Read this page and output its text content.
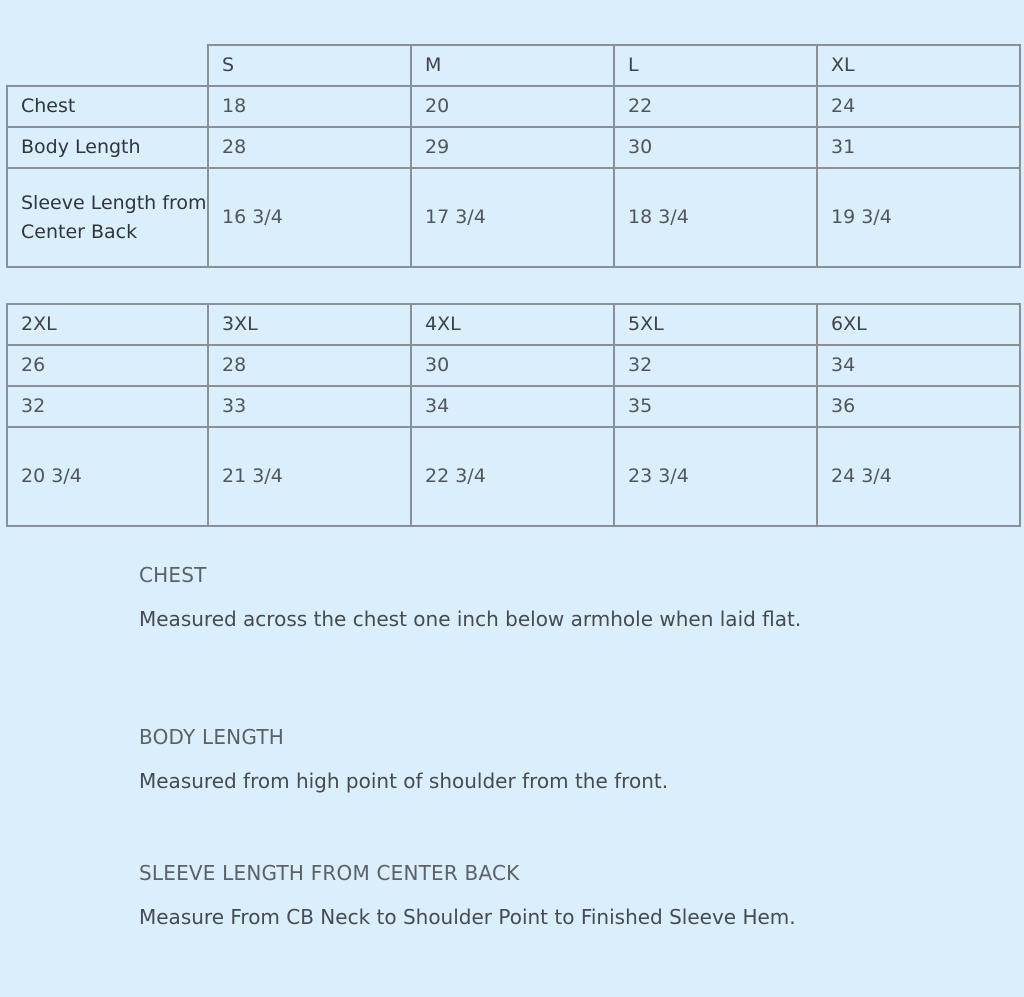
	S	M	L	XL
Chest	18	20	22	24
Body Length	28	29	30	31
Sleeve Length from Center Back	16 3/4	17 3/4	18 3/4	19 3/4
2XL	3XL	4XL	5XL	6XL
26	28	30	32	34
32	33	34	35	36
20 3/4	21 3/4	22 3/4	23 3/4	24 3/4

CHEST

Measured across the chest one inch below armhole when laid flat.

BODY LENGTH

Measured from high point of shoulder from the front.

SLEEVE LENGTH FROM CENTER BACK

Measure From CB Neck to Shoulder Point to Finished Sleeve Hem.
